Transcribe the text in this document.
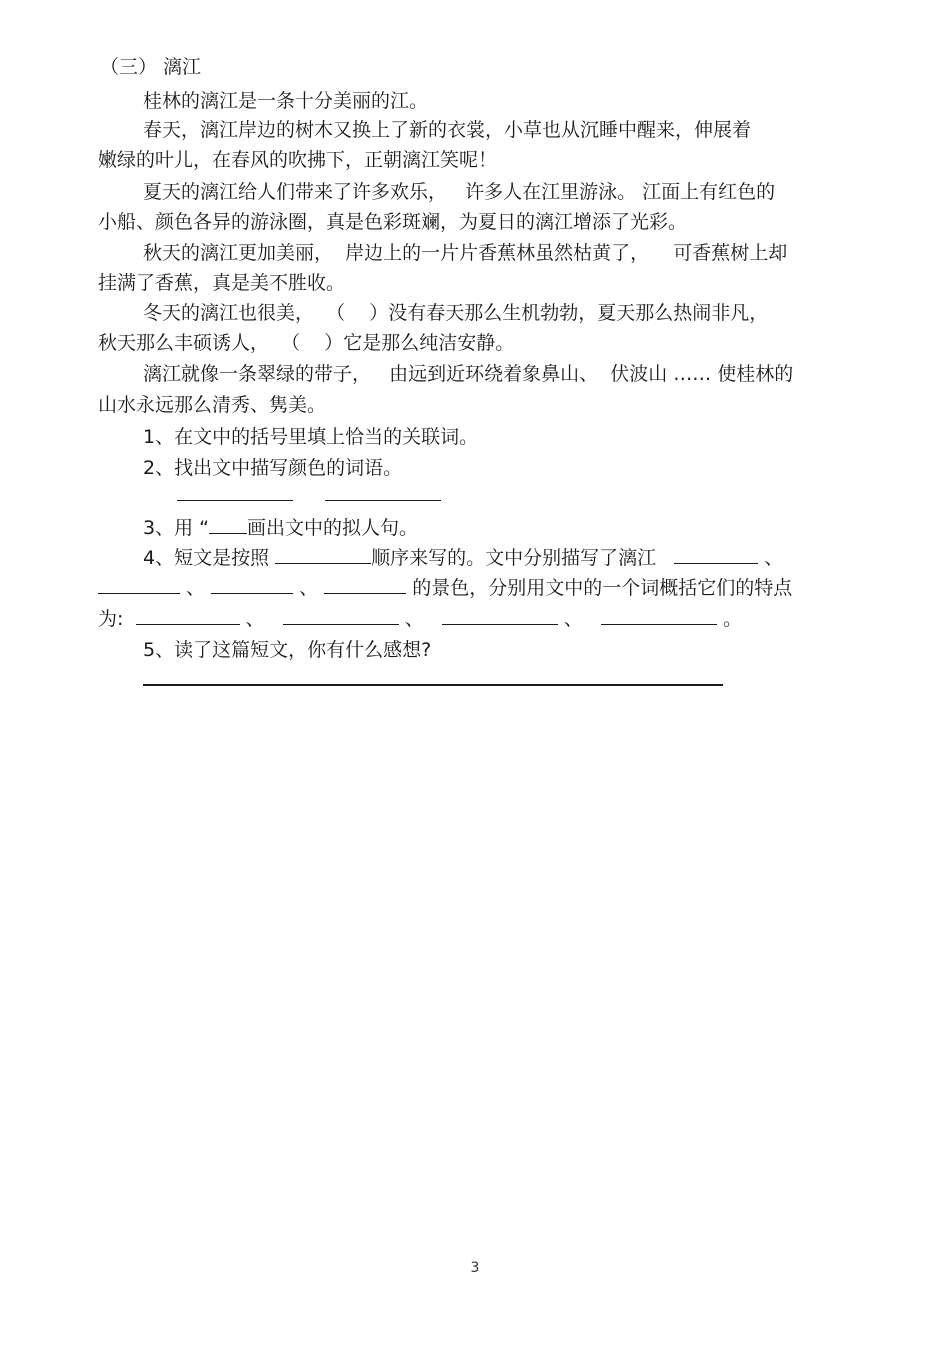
（三） 漓江
桂林的漓江是一条十分美丽的江。
春天，漓江岸边的树木又换上了新的衣裳，小草也从沉睡中醒来，伸展着
嫩绿的叶儿，在春风的吹拂下，正朝漓江笑呢！
夏天的漓江给人们带来了许多欢乐，   许多人在江里游泳。 江面上有红色的
小船、颜色各异的游泳圈，真是色彩斑斓，为夏日的漓江增添了光彩。
秋天的漓江更加美丽，  岸边上的一片片香蕉林虽然枯黄了，    可香蕉树上却
挂满了香蕉，真是美不胜收。
冬天的漓江也很美，  （    ）没有春天那么生机勃勃，夏天那么热闹非凡，
秋天那么丰硕诱人，  （    ）它是那么纯洁安静。
漓江就像一条翠绿的带子，   由远到近环绕着象鼻山、  伏波山 …… 使桂林的
山水永远那么清秀、隽美。
1、在文中的括号里填上恰当的关联词。
2、找出文中描写颜色的词语。
3、用 “ 画出文中的拟人句。
4、短文是按照	顺序来写的。文中分别描写了漓江	、
、	、	的景色，分别用文中的一个词概括它们的特点
为:	、	、	、	。
5、读了这篇短文，你有什么感想?
3
